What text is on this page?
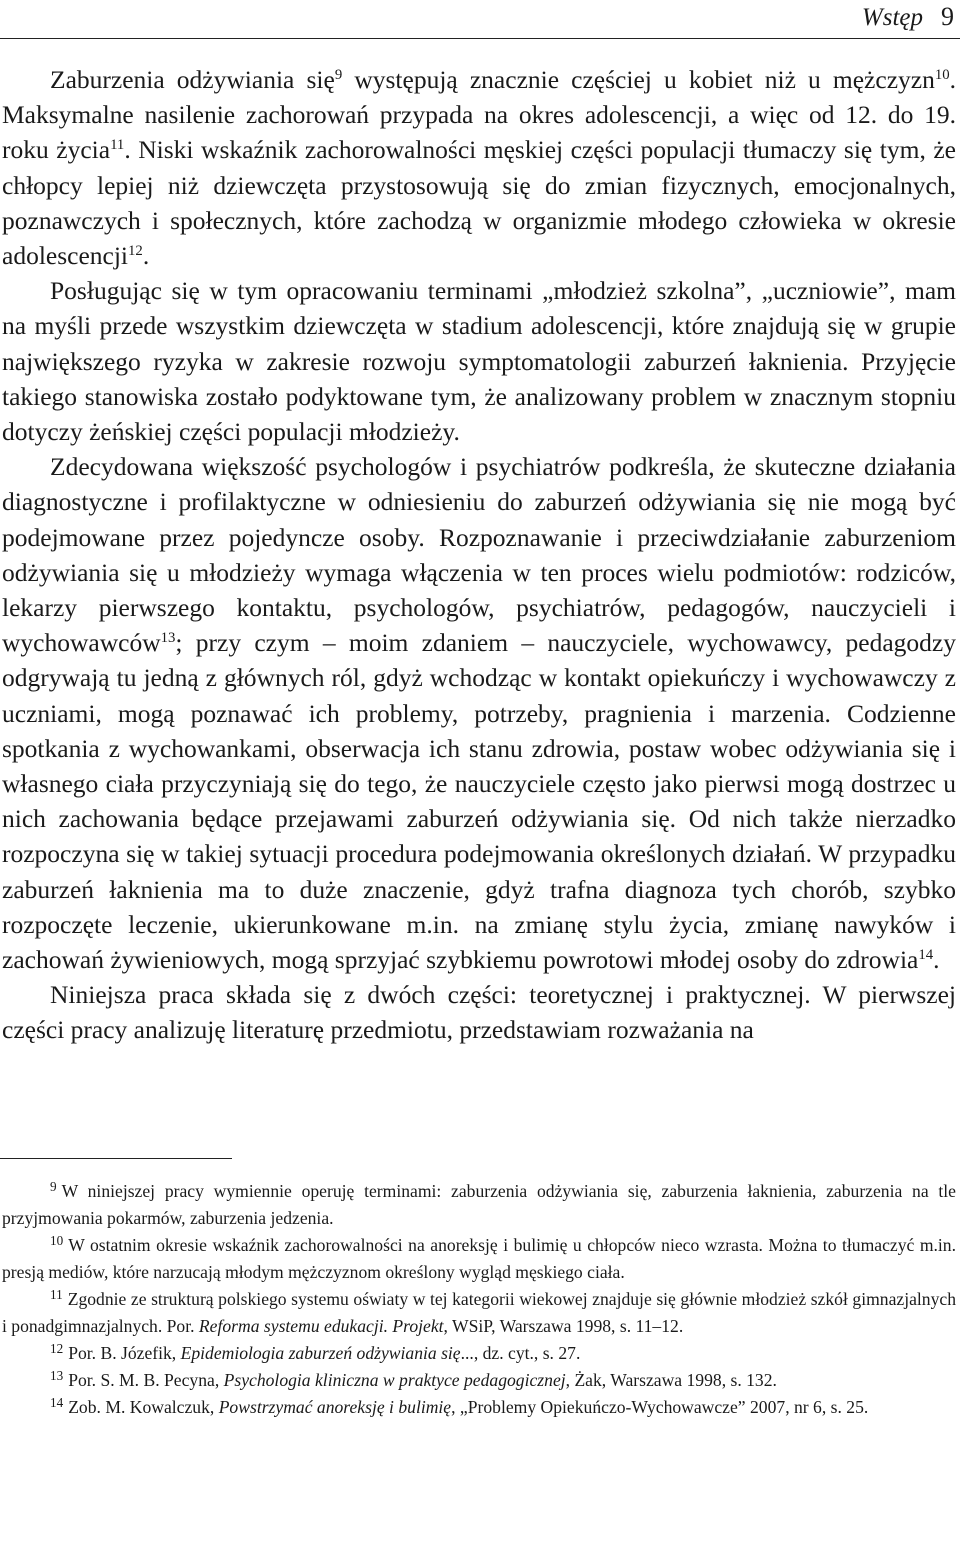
Wstęp 9

Zaburzenia odżywiania się$^9$ występują znacznie częściej u kobiet niż u mężczyzn$^{10}$. Maksymalne nasilenie zachorowań przypada na okres adolescencji, a więc od 12. do 19. roku życia$^{11}$. Niski wskaźnik zachorowalności męskiej części populacji tłumaczy się tym, że chłopcy lepiej niż dziewczęta przystosowują się do zmian fizycznych, emocjonalnych, poznawczych i społecznych, które zachodzą w organizmie młodego człowieka w okresie adolescencji$^{12}$.

Posługując się w tym opracowaniu terminami „młodzież szkolna”, „uczniowie”, mam na myśli przede wszystkim dziewczęta w stadium adolescencji, które znajdują się w grupie największego ryzyka w zakresie rozwoju symptomatologii zaburzeń łaknienia. Przyjęcie takiego stanowiska zostało podyktowane tym, że analizowany problem w znacznym stopniu dotyczy żeńskiej części populacji młodzieży.

Zdecydowana większość psychologów i psychiatrów podkreśla, że skuteczne działania diagnostyczne i profilaktyczne w odniesieniu do zaburzeń odżywiania się nie mogą być podejmowane przez pojedyncze osoby. Rozpoznawanie i przeciwdziałanie zaburzeniom odżywiania się u młodzieży wymaga włączenia w ten proces wielu podmiotów: rodziców, lekarzy pierwszego kontaktu, psychologów, psychiatrów, pedagogów, nauczycieli i wychowawców$^{13}$; przy czym – moim zdaniem – nauczyciele, wychowawcy, pedagodzy odgrywają tu jedną z głównych ról, gdyż wchodząc w kontakt opiekuńczy i wychowawczy z uczniami, mogą poznawać ich problemy, potrzeby, pragnienia i marzenia. Codzienne spotkania z wychowankami, obserwacja ich stanu zdrowia, postaw wobec odżywiania się i własnego ciała przyczyniają się do tego, że nauczyciele często jako pierwsi mogą dostrzec u nich zachowania będące przejawami zaburzeń odżywiania się. Od nich także nierzadko rozpoczyna się w takiej sytuacji procedura podejmowania określonych działań. W przypadku zaburzeń łaknienia ma to duże znaczenie, gdyż trafna diagnoza tych chorób, szybko rozpoczęte leczenie, ukierunkowane m.in. na zmianę stylu życia, zmianę nawyków i zachowań żywieniowych, mogą sprzyjać szybkiemu powrotowi młodej osoby do zdrowia$^{14}$.

Niniejsza praca składa się z dwóch części: teoretycznej i praktycznej. W pierwszej części pracy analizuję literaturę przedmiotu, przedstawiam rozważania na

$^9$ W niniejszej pracy wymiennie operuję terminami: zaburzenia odżywiania się, zaburzenia łaknienia, zaburzenia na tle przyjmowania pokarmów, zaburzenia jedzenia.

$^{10}$ W ostatnim okresie wskaźnik zachorowalności na anoreksję i bulimię u chłopców nieco wzrasta. Można to tłumaczyć m.in. presją mediów, które narzucają młodym mężczyznom określony wygląd męskiego ciała.

$^{11}$ Zgodnie ze strukturą polskiego systemu oświaty w tej kategorii wiekowej znajduje się głównie młodzież szkół gimnazjalnych i ponadgimnazjalnych. Por. Reforma systemu edukacji. Projekt, WSiP, Warszawa 1998, s. 11–12.

$^{12}$ Por. B. Józefik, Epidemiologia zaburzeń odżywiania się..., dz. cyt., s. 27.

$^{13}$ Por. S. M. B. Pecyna, Psychologia kliniczna w praktyce pedagogicznej, Żak, Warszawa 1998, s. 132.

$^{14}$ Zob. M. Kowalczuk, Powstrzymać anoreksję i bulimię, „Problemy Opiekuńczo-Wychowawcze” 2007, nr 6, s. 25.
